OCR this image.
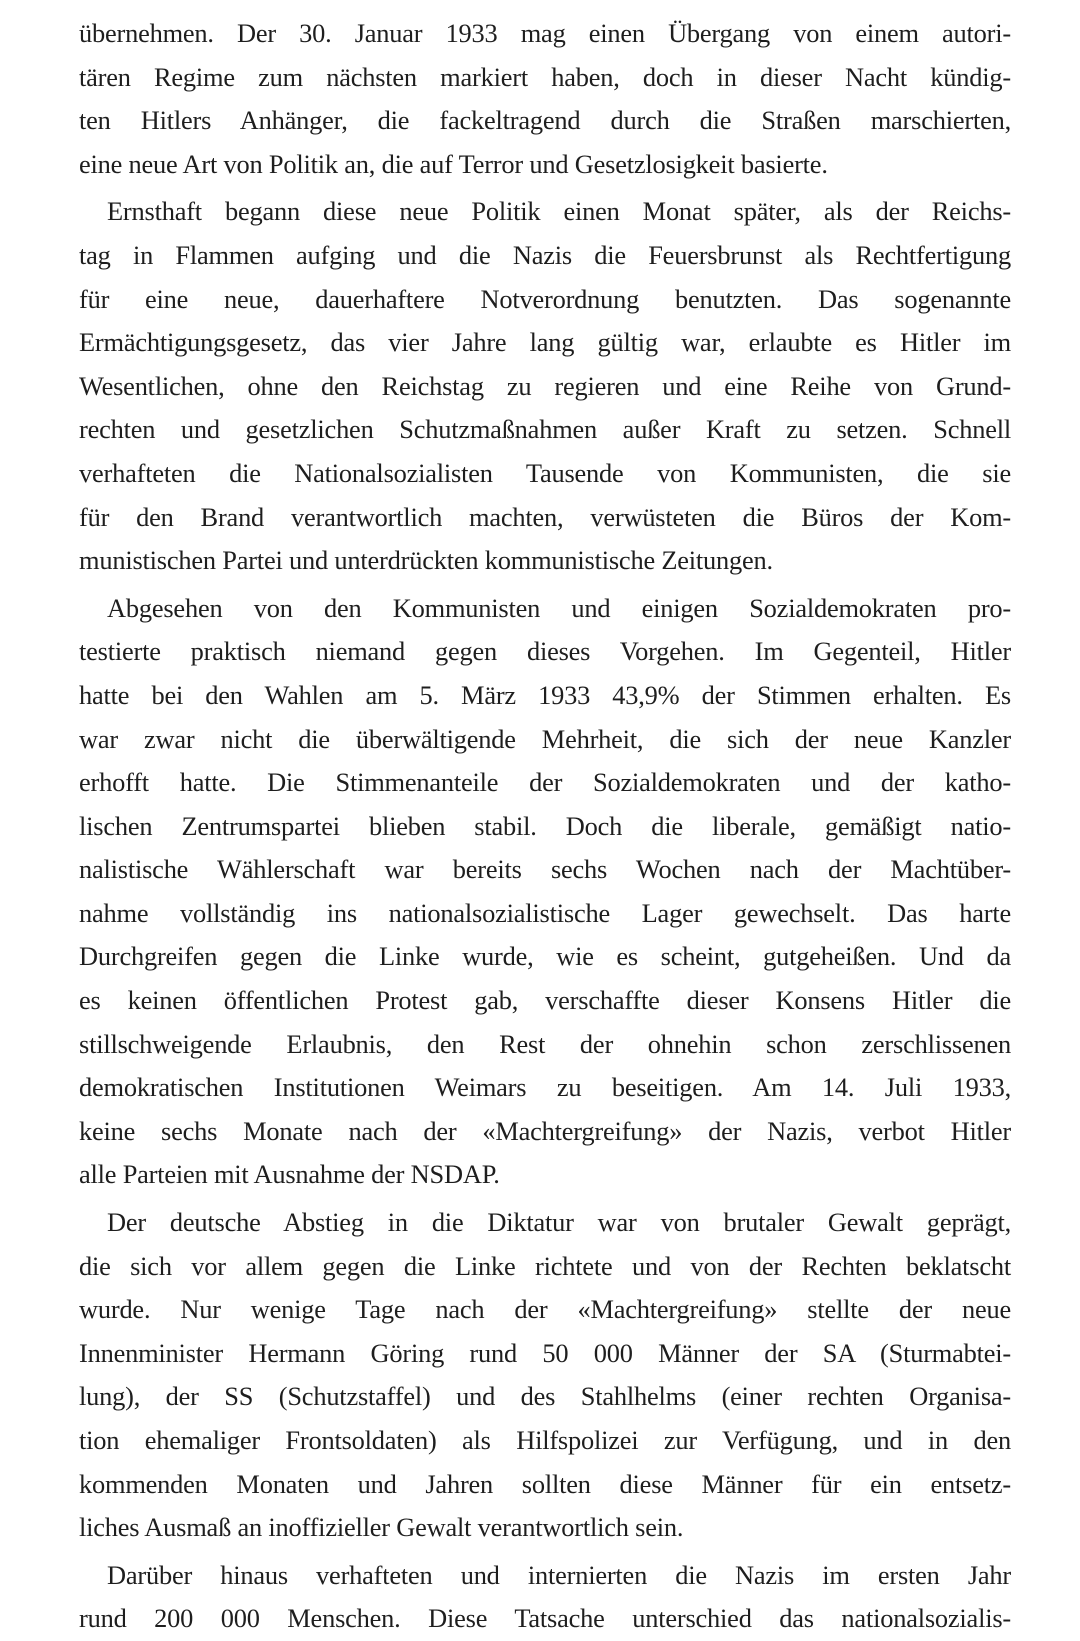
übernehmen. Der 30. Januar 1933 mag einen Übergang von einem autori-
tären Regime zum nächsten markiert haben, doch in dieser Nacht kündig-
ten Hitlers Anhänger, die fackeltragend durch die Straßen marschierten,
eine neue Art von Politik an, die auf Terror und Gesetzlosigkeit basierte.
Ernsthaft begann diese neue Politik einen Monat später, als der Reichs-
tag in Flammen aufging und die Nazis die Feuersbrunst als Rechtfertigung
für eine neue, dauerhaftere Notverordnung benutzten. Das sogenannte
Ermächtigungsgesetz, das vier Jahre lang gültig war, erlaubte es Hitler im
Wesentlichen, ohne den Reichstag zu regieren und eine Reihe von Grund-
rechten und gesetzlichen Schutzmaßnahmen außer Kraft zu setzen. Schnell
verhafteten die Nationalsozialisten Tausende von Kommunisten, die sie
für den Brand verantwortlich machten, verwüsteten die Büros der Kom-
munistischen Partei und unterdrückten kommunistische Zeitungen.
Abgesehen von den Kommunisten und einigen Sozialdemokraten pro-
testierte praktisch niemand gegen dieses Vorgehen. Im Gegenteil, Hitler
hatte bei den Wahlen am 5. März 1933 43,9% der Stimmen erhalten. Es
war zwar nicht die überwältigende Mehrheit, die sich der neue Kanzler
erhofft hatte. Die Stimmenanteile der Sozialdemokraten und der katho-
lischen Zentrumspartei blieben stabil. Doch die liberale, gemäßigt natio-
nalistische Wählerschaft war bereits sechs Wochen nach der Machtüber-
nahme vollständig ins nationalsozialistische Lager gewechselt. Das harte
Durchgreifen gegen die Linke wurde, wie es scheint, gutgeheißen. Und da
es keinen öffentlichen Protest gab, verschaffte dieser Konsens Hitler die
stillschweigende Erlaubnis, den Rest der ohnehin schon zerschlissenen
demokratischen Institutionen Weimars zu beseitigen. Am 14. Juli 1933,
keine sechs Monate nach der «Machtergreifung» der Nazis, verbot Hitler
alle Parteien mit Ausnahme der NSDAP.
Der deutsche Abstieg in die Diktatur war von brutaler Gewalt geprägt,
die sich vor allem gegen die Linke richtete und von der Rechten beklatscht
wurde. Nur wenige Tage nach der «Machtergreifung» stellte der neue
Innenminister Hermann Göring rund 50 000 Männer der SA (Sturmabtei-
lung), der SS (Schutzstaffel) und des Stahlhelms (einer rechten Organisa-
tion ehemaliger Frontsoldaten) als Hilfspolizei zur Verfügung, und in den
kommenden Monaten und Jahren sollten diese Männer für ein entsetz-
liches Ausmaß an inoffizieller Gewalt verantwortlich sein.
Darüber hinaus verhafteten und internierten die Nazis im ersten Jahr
rund 200 000 Menschen. Diese Tatsache unterschied das nationalsozialis-
